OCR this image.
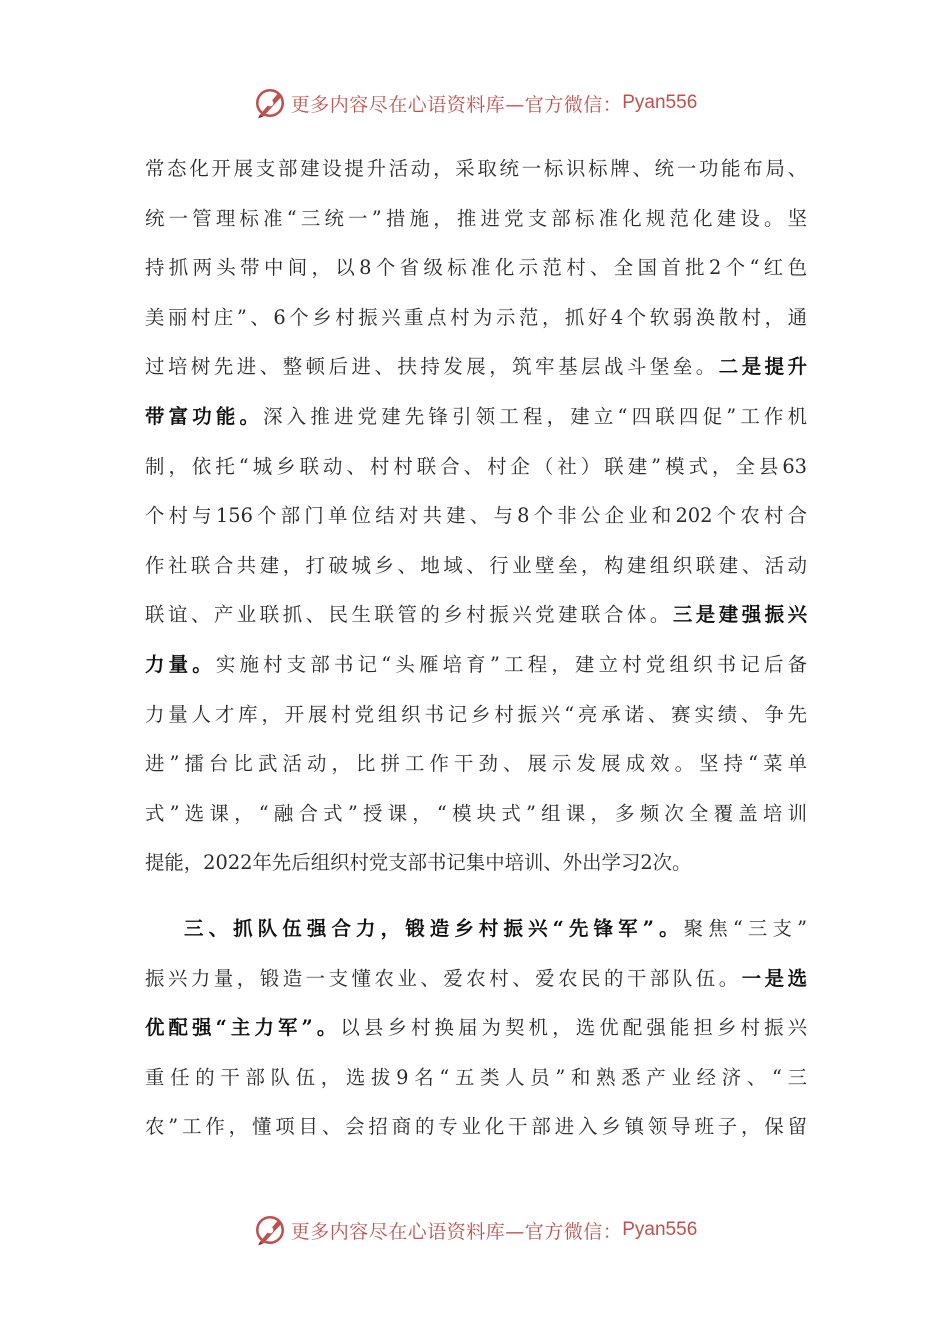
更多内容尽在心语资料库—官方微信： Pyan556
常态化开展支部建设提升活动，采取统一标识标牌、统一功能布局、
统一管理标准“三统一”措施，推进党支部标准化规范化建设。坚
持抓两头带中间，以8个省级标准化示范村、全国首批2个“红色
美丽村庄”、6个乡村振兴重点村为示范，抓好4个软弱涣散村，通
过培树先进、整顿后进、扶持发展，筑牢基层战斗堡垒。二是提升
带富功能。深入推进党建先锋引领工程，建立“四联四促”工作机
制，依托“城乡联动、村村联合、村企（社）联建”模式，全县63
个村与156个部门单位结对共建、与8个非公企业和202个农村合
作社联合共建，打破城乡、地域、行业壁垒，构建组织联建、活动
联谊、产业联抓、民生联管的乡村振兴党建联合体。三是建强振兴
力量。实施村支部书记“头雁培育”工程，建立村党组织书记后备
力量人才库，开展村党组织书记乡村振兴“亮承诺、赛实绩、争先
进”擂台比武活动，比拼工作干劲、展示发展成效。坚持“菜单
式”选课，“融合式”授课，“模块式”组课，多频次全覆盖培训
提能，2022年先后组织村党支部书记集中培训、外出学习2次。
三、抓队伍强合力，锻造乡村振兴“先锋军”。聚焦“三支”
振兴力量，锻造一支懂农业、爱农村、爱农民的干部队伍。一是选
优配强“主力军”。以县乡村换届为契机，选优配强能担乡村振兴
重任的干部队伍，选拔9名“五类人员”和熟悉产业经济、“三
农”工作，懂项目、会招商的专业化干部进入乡镇领导班子，保留
更多内容尽在心语资料库—官方微信： Pyan556
